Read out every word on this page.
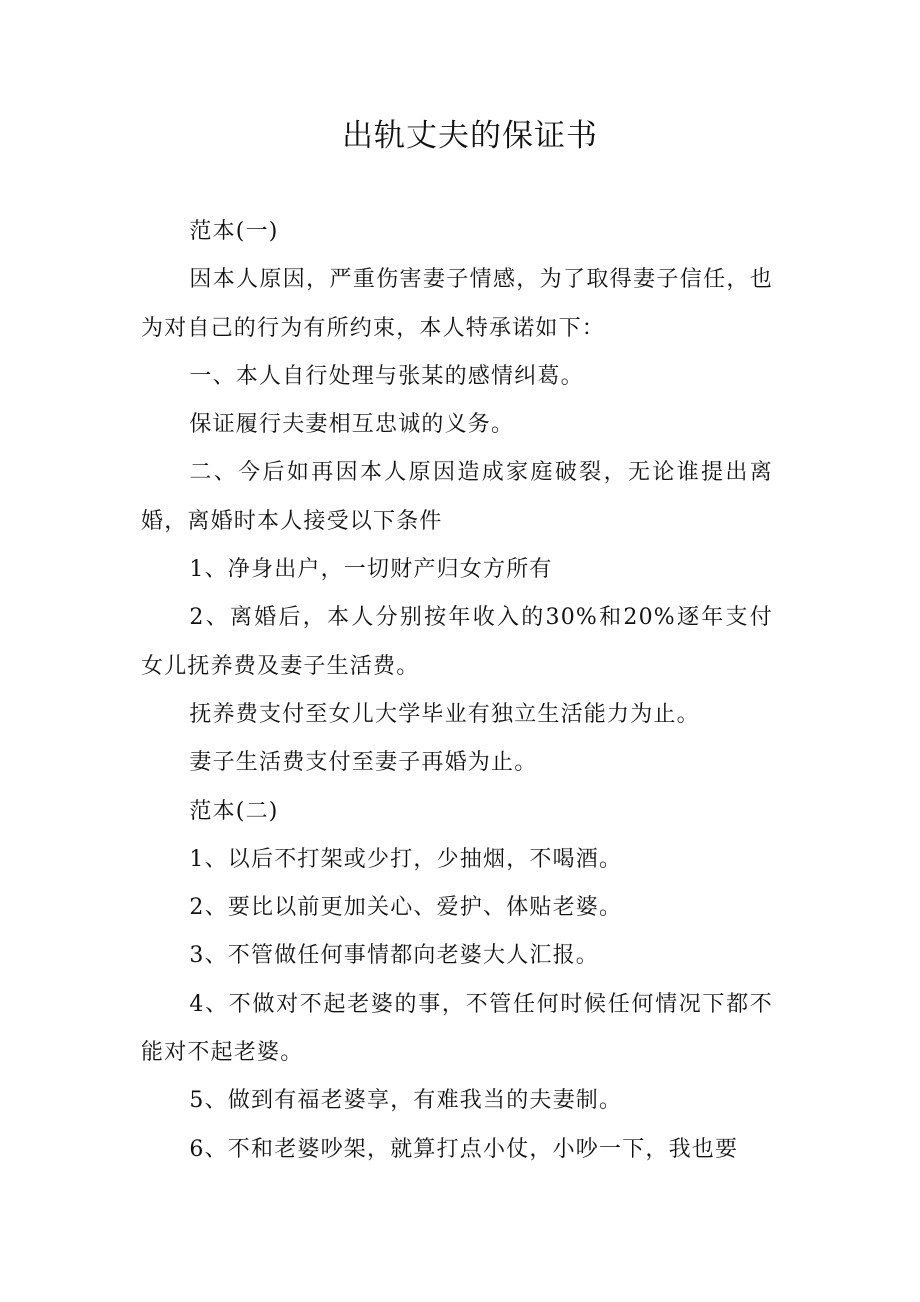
出轨丈夫的保证书

范本(一)

因本人原因，严重伤害妻子情感，为了取得妻子信任，也为对自己的行为有所约束，本人特承诺如下：

一、本人自行处理与张某的感情纠葛。

保证履行夫妻相互忠诚的义务。

二、今后如再因本人原因造成家庭破裂，无论谁提出离婚，离婚时本人接受以下条件

1、净身出户，一切财产归女方所有

2、离婚后，本人分别按年收入的30%和20%逐年支付女儿抚养费及妻子生活费。

抚养费支付至女儿大学毕业有独立生活能力为止。

妻子生活费支付至妻子再婚为止。

范本(二)

1、以后不打架或少打，少抽烟，不喝酒。

2、要比以前更加关心、爱护、体贴老婆。

3、不管做任何事情都向老婆大人汇报。

4、不做对不起老婆的事，不管任何时候任何情况下都不能对不起老婆。

5、做到有福老婆享，有难我当的夫妻制。

6、不和老婆吵架，就算打点小仗，小吵一下，我也要
